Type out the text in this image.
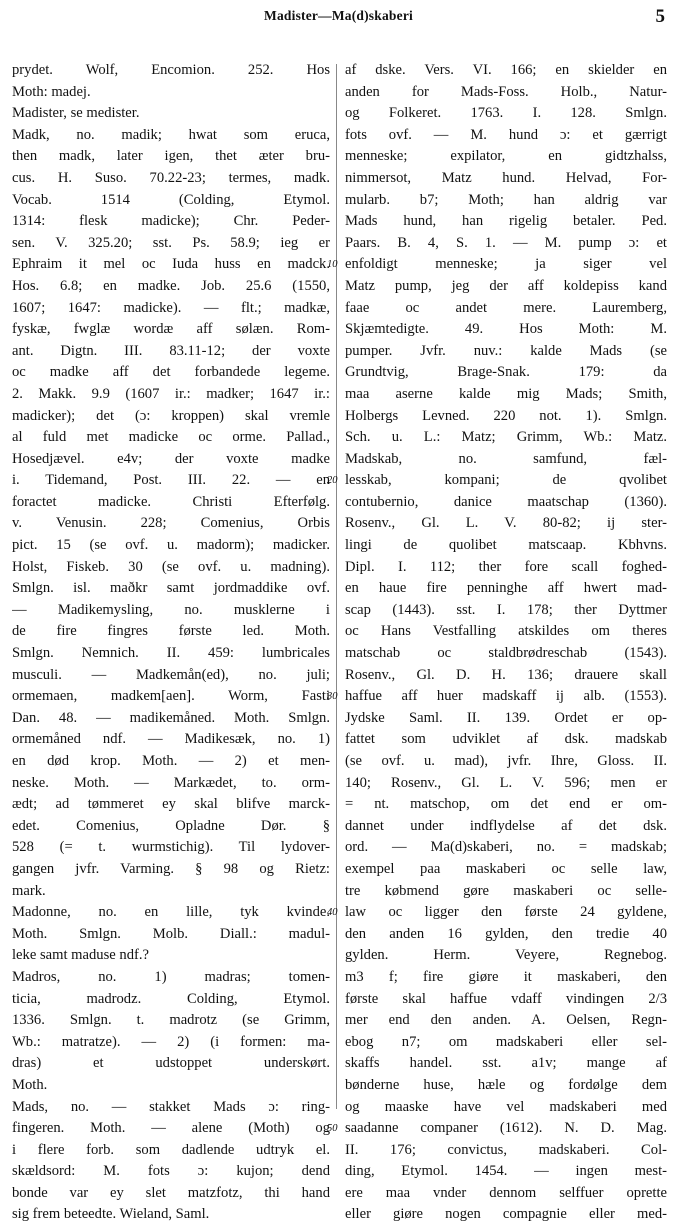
Madister—Ma(d)skaberi	5
prydet. Wolf, Encomion. 252. Hos
Moth: madej.
Madister, se medister.
Madk, no. madik; hwat som eruca,
then madk, later igen, thet æter bru-
cus. H. Suso. 70.22-23; termes, madk.
Vocab. 1514 (Colding, Etymol.
1314: flesk madicke); Chr. Peder-
sen. V. 325.20; sst. Ps. 58.9; ieg er
Ephraim it mel oc Iuda huss en madck.
Hos. 6.8; en madke. Job. 25.6 (1550,
1607; 1647: madicke). — flt.; madkæ,
fyskæ, fwglæ wordæ aff sølæn. Rom-
ant. Digtn. III. 83.11-12; der voxte
oc madke aff det forbandede legeme.
2. Makk. 9.9 (1607 ir.: madker; 1647 ir.:
madicker); det (ɔ: kroppen) skal vremle
al fuld met madicke oc orme. Pallad.,
Hosedjævel. e4v; der voxte madke
i. Tidemand, Post. III. 22. — en
foractet madicke. Christi Efterfølg.
v. Venusin. 228; Comenius, Orbis
pict. 15 (se ovf. u. madorm); madicker.
Holst, Fiskeb. 30 (se ovf. u. madning).
Smlgn. isl. maðkr samt jordmaddike ovf.
— Madikemysling, no. musklerne i
de fire fingres første led. Moth.
Smlgn. Nemnich. II. 459: lumbricales
musculi. — Madkemån(ed), no. juli;
ormemaen, madkem[aen]. Worm, Fasti
Dan. 48. — madikemåned. Moth. Smlgn.
ormemåned ndf. — Madikesæk, no. 1)
en død krop. Moth. — 2) et men-
neske. Moth. — Markædet, to. orm-
ædt; ad tømmeret ey skal blifve marck-
edet. Comenius, Opladne Dør. §
528 (= t. wurmstichig). Til lydover-
gangen jvfr. Varming. § 98 og Rietz:
mark.
Madonne, no. en lille, tyk kvinde.
Moth. Smlgn. Molb. Diall.: madul-
leke samt maduse ndf.?
Madros, no. 1) madras; tomen-
ticia, madrodz. Colding, Etymol.
1336. Smlgn. t. madrotz (se Grimm,
Wb.: matratze). — 2) (i formen: ma-
dras) et udstoppet underskørt.
Moth.
Mads, no. — stakket Mads ɔ: ring-
fingeren. Moth. — alene (Moth) og
i flere forb. som dadlende udtryk el.
skældsord: M. fots ɔ: kujon; dend
bonde var ey slet matzfotz, thi hand
sig frem beteedte. Wieland, Saml.
10
20
30
40
50
af dske. Vers. VI. 166; en skielder en
anden for Mads-Foss. Holb., Natur-
og Folkeret. 1763. I. 128. Smlgn.
fots ovf. — M. hund ɔ: et gærrigt
menneske; expilator, en gidtzhalss,
nimmersot, Matz hund. Helvad, For-
mularb. b7; Moth; han aldrig var
Mads hund, han rigelig betaler. Ped.
Paars. B. 4, S. 1. — M. pump ɔ: et
enfoldigt menneske; ja siger vel
Matz pump, jeg der aff koldepiss kand
faae oc andet mere. Lauremberg,
Skjæmtedigte. 49. Hos Moth: M.
pumper. Jvfr. nuv.: kalde Mads (se
Grundtvig, Brage-Snak. 179: da
maa aserne kalde mig Mads; Smith,
Holbergs Levned. 220 not. 1). Smlgn.
Sch. u. L.: Matz; Grimm, Wb.: Matz.
Madskab, no. samfund, fæl-
lesskab, kompani; de qvolibet
contubernio, danice maatschap (1360).
Rosenv., Gl. L. V. 80-82; ij ster-
lingi de quolibet matscaap. Kbhvns.
Dipl. I. 112; ther fore scall foghed-
en haue fire penninghe aff hwert mad-
scap (1443). sst. I. 178; ther Dyttmer
oc Hans Vestfalling atskildes om theres
matschab oc staldbrødreschab (1543).
Rosenv., Gl. D. H. 136; drauere skall
haffue aff huer madskaff ij alb. (1553).
Jydske Saml. II. 139. Ordet er op-
fattet som udviklet af dsk. madskab
(se ovf. u. mad), jvfr. Ihre, Gloss. II.
140; Rosenv., Gl. L. V. 596; men er
= nt. matschop, om det end er om-
dannet under indflydelse af det dsk.
ord. — Ma(d)skaberi, no. = madskab;
exempel paa maskaberi oc selle law,
tre købmend gøre maskaberi oc selle-
law oc ligger den første 24 gyldene,
den anden 16 gylden, den tredie 40
gylden. Herm. Veyere, Regnebog.
m3 f; fire giøre it maskaberi, den
første skal haffue vdaff vindingen 2/3
mer end den anden. A. Oelsen, Regn-
ebog n7; om madskaberi eller sel-
skaffs handel. sst. a1v; mange af
bønderne huse, hæle og fordølge dem
og maaske have vel madskaberi med
saadanne companer (1612). N. D. Mag.
II. 176; convictus, madskaberi. Col-
ding, Etymol. 1454. — ingen mest-
ere maa vnder dennom selffuer oprette
eller giøre nogen compagnie eller med-
